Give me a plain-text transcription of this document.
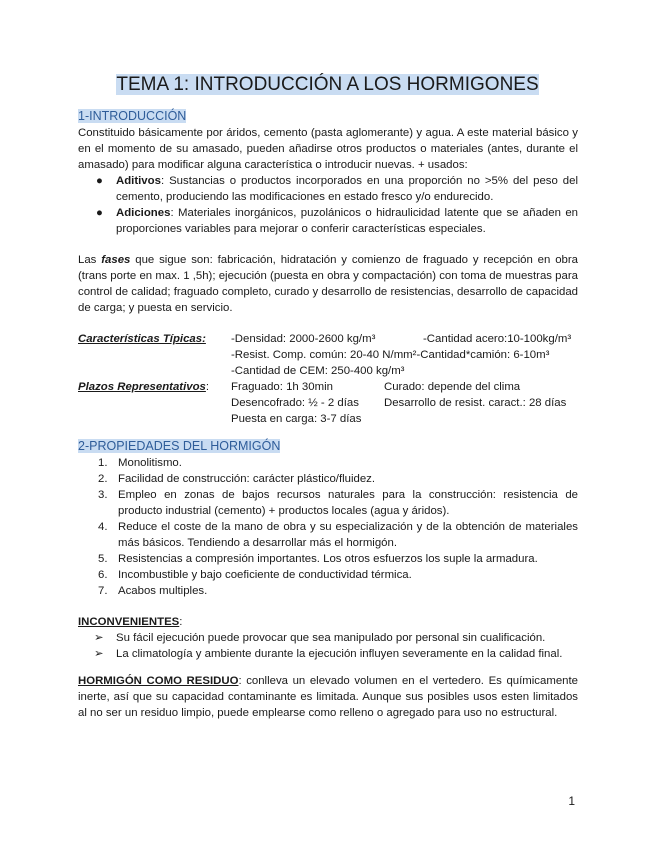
TEMA 1: INTRODUCCIÓN A LOS HORMIGONES
1-INTRODUCCIÓN

Constituido básicamente por áridos, cemento (pasta aglomerante) y agua. A este material básico y en el momento de su amasado, pueden añadirse otros productos o materiales (antes, durante el amasado) para modificar alguna característica o introducir nuevas. + usados:

● Aditivos: Sustancias o productos incorporados en una proporción no >5% del peso del cemento, produciendo las modificaciones en estado fresco y/o endurecido.
● Adiciones: Materiales inorgánicos, puzolánicos o hidraulicidad latente que se añaden en proporciones variables para mejorar o conferir características especiales.

Las fases que sigue son: fabricación, hidratación y comienzo de fraguado y recepción en obra (trans porte en max. 1 ,5h); ejecución (puesta en obra y compactación) con toma de muestras para control de calidad; fraguado completo, curado y desarrollo de resistencias, desarrollo de capacidad de carga; y puesta en servicio.

Características Típicas: -Densidad: 2000-2600 kg/m³	-Cantidad acero:10-100kg/m³
-Resist. Comp. común: 20-40 N/mm²-Cantidad*camión: 6-10m³
-Cantidad de CEM: 250-400 kg/m³
Plazos Representativos: Fraguado: 1h 30min	Curado: depende del clima
Desencofrado: ½ - 2 días Desarrollo de resist. caract.: 28 días
Puesta en carga: 3-7 días
2-PROPIEDADES DEL HORMIGÓN
1. Monolitismo.
2. Facilidad de construcción: carácter plástico/fluidez.
3. Empleo en zonas de bajos recursos naturales para la construcción: resistencia de producto industrial (cemento) + productos locales (agua y áridos).
4. Reduce el coste de la mano de obra y su especialización y de la obtención de materiales más básicos. Tendiendo a desarrollar más el hormigón.
5. Resistencias a compresión importantes. Los otros esfuerzos los suple la armadura.
6. Incombustible y bajo coeficiente de conductividad térmica.
7. Acabos multiples.
INCONVENIENTES:
➢ Su fácil ejecución puede provocar que sea manipulado por personal sin cualificación.
➢ La climatología y ambiente durante la ejecución influyen severamente en la calidad final.

HORMIGÓN COMO RESIDUO: conlleva un elevado volumen en el vertedero. Es químicamente inerte, así que su capacidad contaminante es limitada. Aunque sus posibles usos esten limitados al no ser un residuo limpio, puede emplearse como relleno o agregado para uso no estructural.

1
